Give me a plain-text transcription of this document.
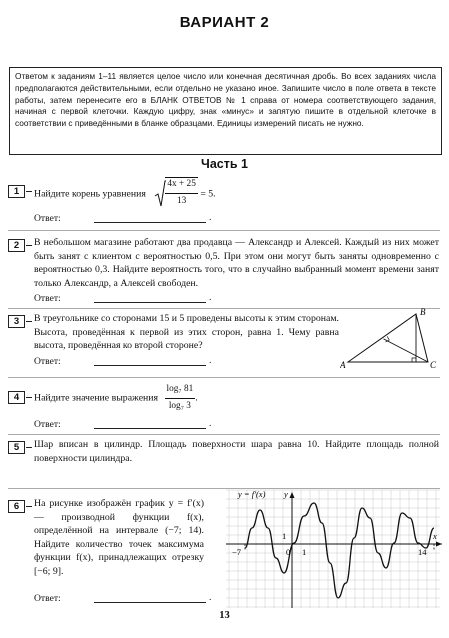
ВАРИАНТ 2
Ответом к заданиям 1–11 является целое число или конечная десятичная дробь. Во всех заданиях числа предполагаются действительными, если отдельно не указано иное. Запишите число в поле ответа в тексте работы, затем перенесите его в БЛАНК ОТВЕТОВ № 1 справа от номера соответствующего задания, начиная с первой клеточки. Каждую цифру, знак «минус» и запятую пишите в отдельной клеточке в соответствии с приведёнными в бланке образцами. Единицы измерений писать не нужно.
Часть 1
1	Найдите корень уравнения $\frac{4x + 25}{13} = 5$.
Ответ:	.
2	В небольшом магазине работают два продавца — Александр и Алексей. Каждый из них может быть занят с клиентом с вероятностью 0,5. При этом они могут быть заняты одновременно с вероятностью 0,3. Найдите вероятность того, что в случайно выбранный момент времени занят только Александр, а Алексей свободен.
Ответ:	.
3	В треугольнике со сторонами 15 и 5 проведены высоты к этим сторонам. Высота, проведённая к первой из этих сторон, равна 1. Чему равна высота, проведённая ко второй стороне?
A
B
C
Ответ:	.
4	Найдите значение выражения $\frac{\text{log₇ 81}}{\text{log₇ 3}}$ .
Ответ:	.
5	Шар вписан в цилиндр. Площадь поверхности шара равна 10. Найдите площадь полной поверхности цилиндра.
6	На рисунке изображён график y = f′(x) — производной функции f(x), определённой на интервале (−7; 14). Найдите количество точек максимума функции f(x), принадлежащих отрезку [−6; 9].
−7	14
0 1
1	x
y
y = f′(x)
Ответ:	.
13
